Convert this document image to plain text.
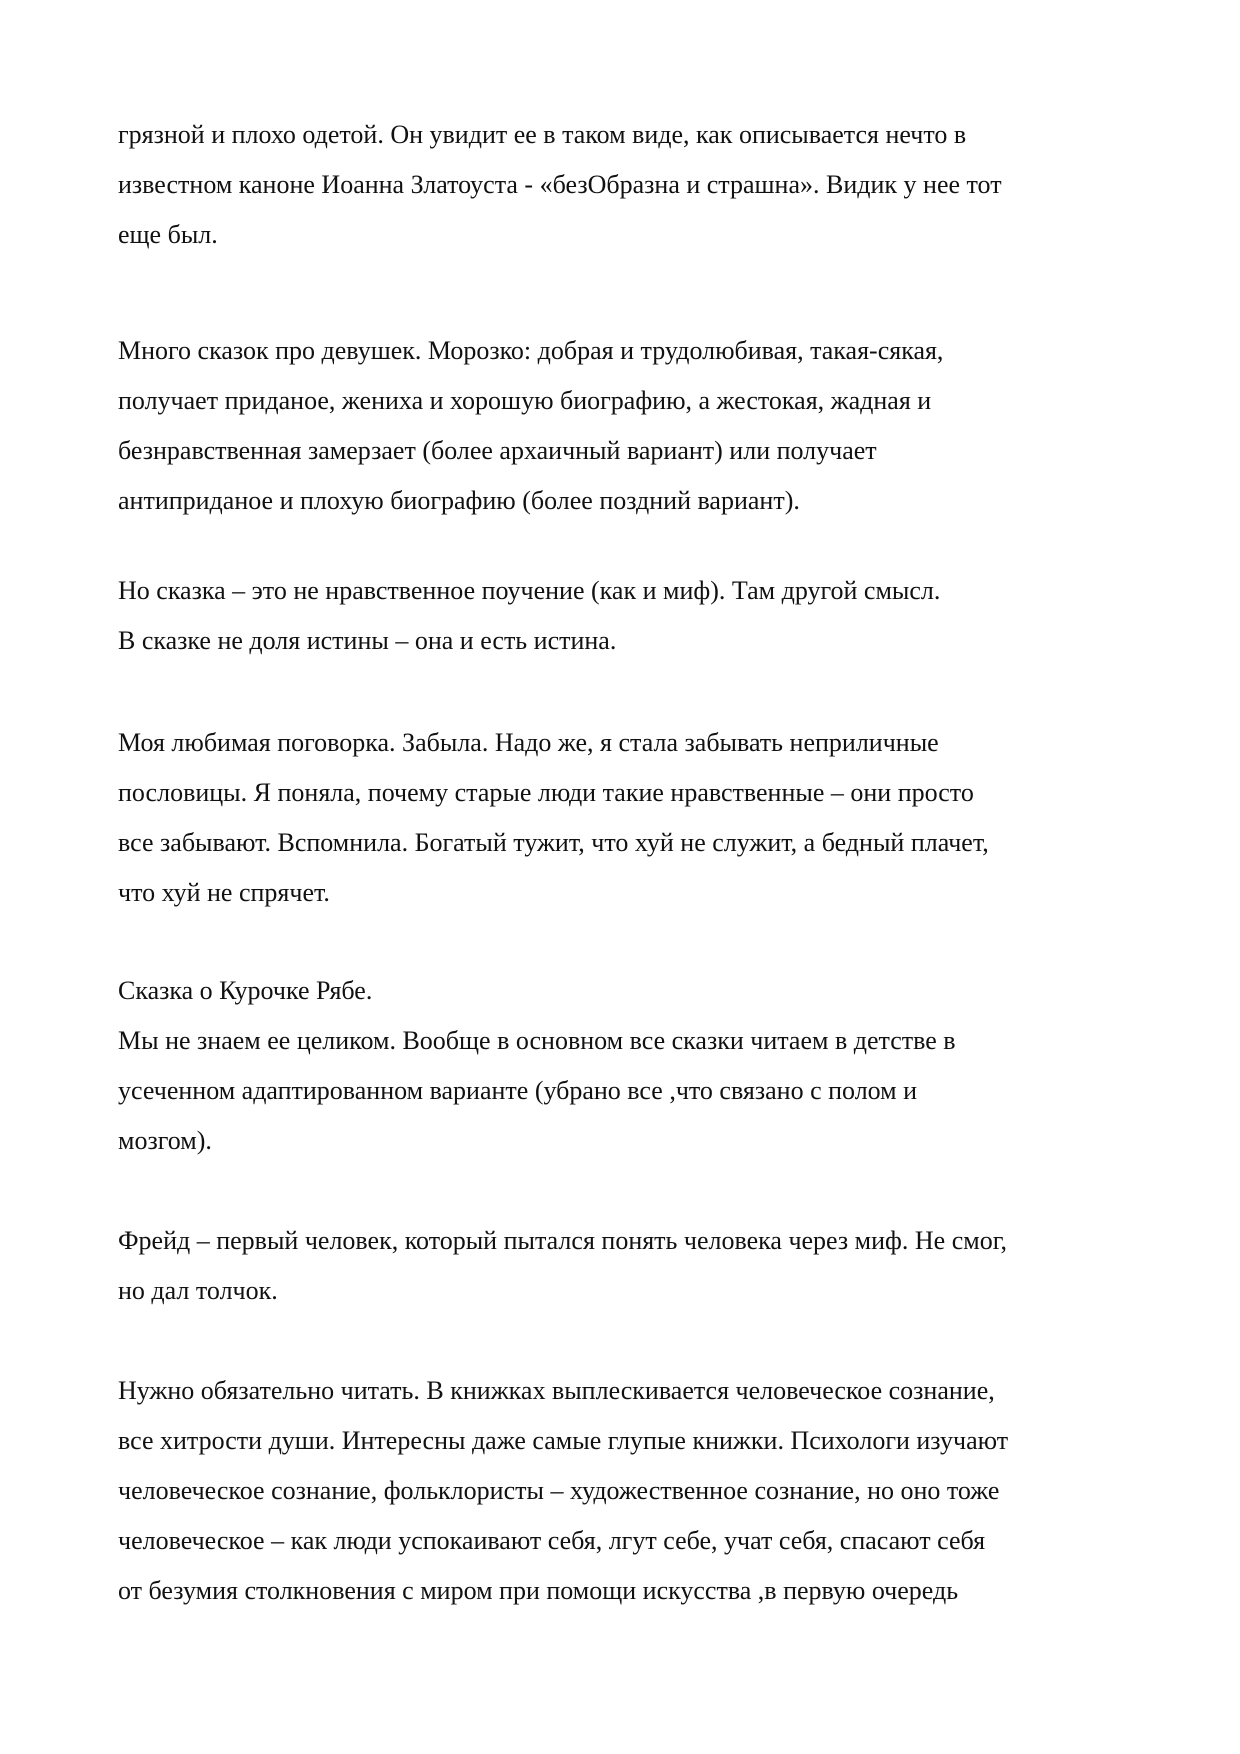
грязной и плохо одетой. Он увидит ее в таком виде, как описывается нечто в
известном каноне Иоанна Златоуста - «безОбразна и страшна». Видик у нее тот
еще был.
Много сказок про девушек. Морозко: добрая и трудолюбивая, такая-сякая,
получает приданое, жениха и хорошую биографию, а жестокая, жадная и
безнравственная замерзает (более архаичный вариант) или получает
антиприданое и плохую биографию (более поздний вариант).
Но сказка – это не нравственное поучение (как и миф). Там другой смысл.
В сказке не доля истины – она и есть истина.
Моя любимая поговорка. Забыла. Надо же, я стала забывать неприличные
пословицы. Я поняла, почему старые люди такие нравственные – они просто
все забывают. Вспомнила. Богатый тужит, что хуй не служит, а бедный плачет,
что хуй не спрячет.
Сказка о Курочке Рябе.
Мы не знаем ее целиком. Вообще в основном все сказки читаем в детстве в
усеченном адаптированном варианте (убрано все ,что связано с полом и
мозгом).
Фрейд – первый человек, который пытался понять человека через миф. Не смог,
но дал толчок.
Нужно обязательно читать. В книжках выплескивается человеческое сознание,
все хитрости души. Интересны даже самые глупые книжки. Психологи изучают
человеческое сознание, фольклористы – художественное сознание, но оно тоже
человеческое – как люди успокаивают себя, лгут себе, учат себя, спасают себя
от безумия столкновения с миром при помощи искусства ,в первую очередь
